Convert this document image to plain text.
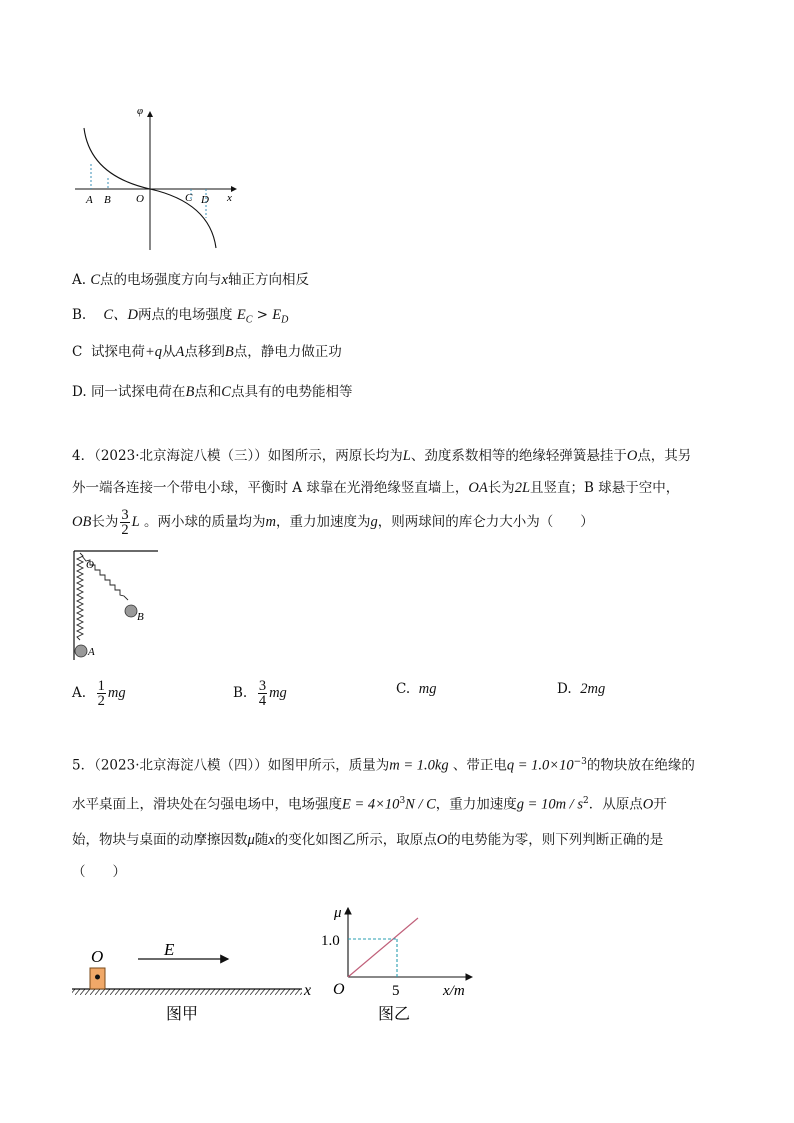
φ
x
O
A B	C D
A. C点的电场强度方向与x轴正方向相反
B. C、D两点的电场强度 $E_C > E_D$
C 试探电荷+q从A点移到B点，静电力做正功
D. 同一试探电荷在B点和C点具有的电势能相等
4．（2023·北京海淀八模（三））如图所示，两原长均为L、劲度系数相等的绝缘轻弹簧悬挂于O点，其另
外一端各连接一个带电小球，平衡时 A 球靠在光滑绝缘竖直墙上，OA长为2L且竖直；B 球悬于空中，
OB长为 $\frac{3}{2}$ L 。两小球的质量均为m，重力加速度为g，则两球间的库仑力大小为（　　）
O
B
A
A. $\frac{1}{2}$ mg	B. $\frac{3}{4}$ mg	C. mg	D. 2mg
5．（2023·北京海淀八模（四））如图甲所示，质量为m = 1.0kg 、带正电$q = 1.0\times 10^{-3}$的物块放在绝缘的
水平桌面上，滑块处在匀强电场中，电场强度$E = 4\times 10^3N / C$，重力加速度$g = 10m / s^2$．从原点O开
始，物块与桌面的动摩擦因数μ随x的变化如图乙所示，取原点O的电势能为零，则下列判断正确的是
（　　）
O	E
x
图甲
μ
1.0
O	5	x/m
图乙
